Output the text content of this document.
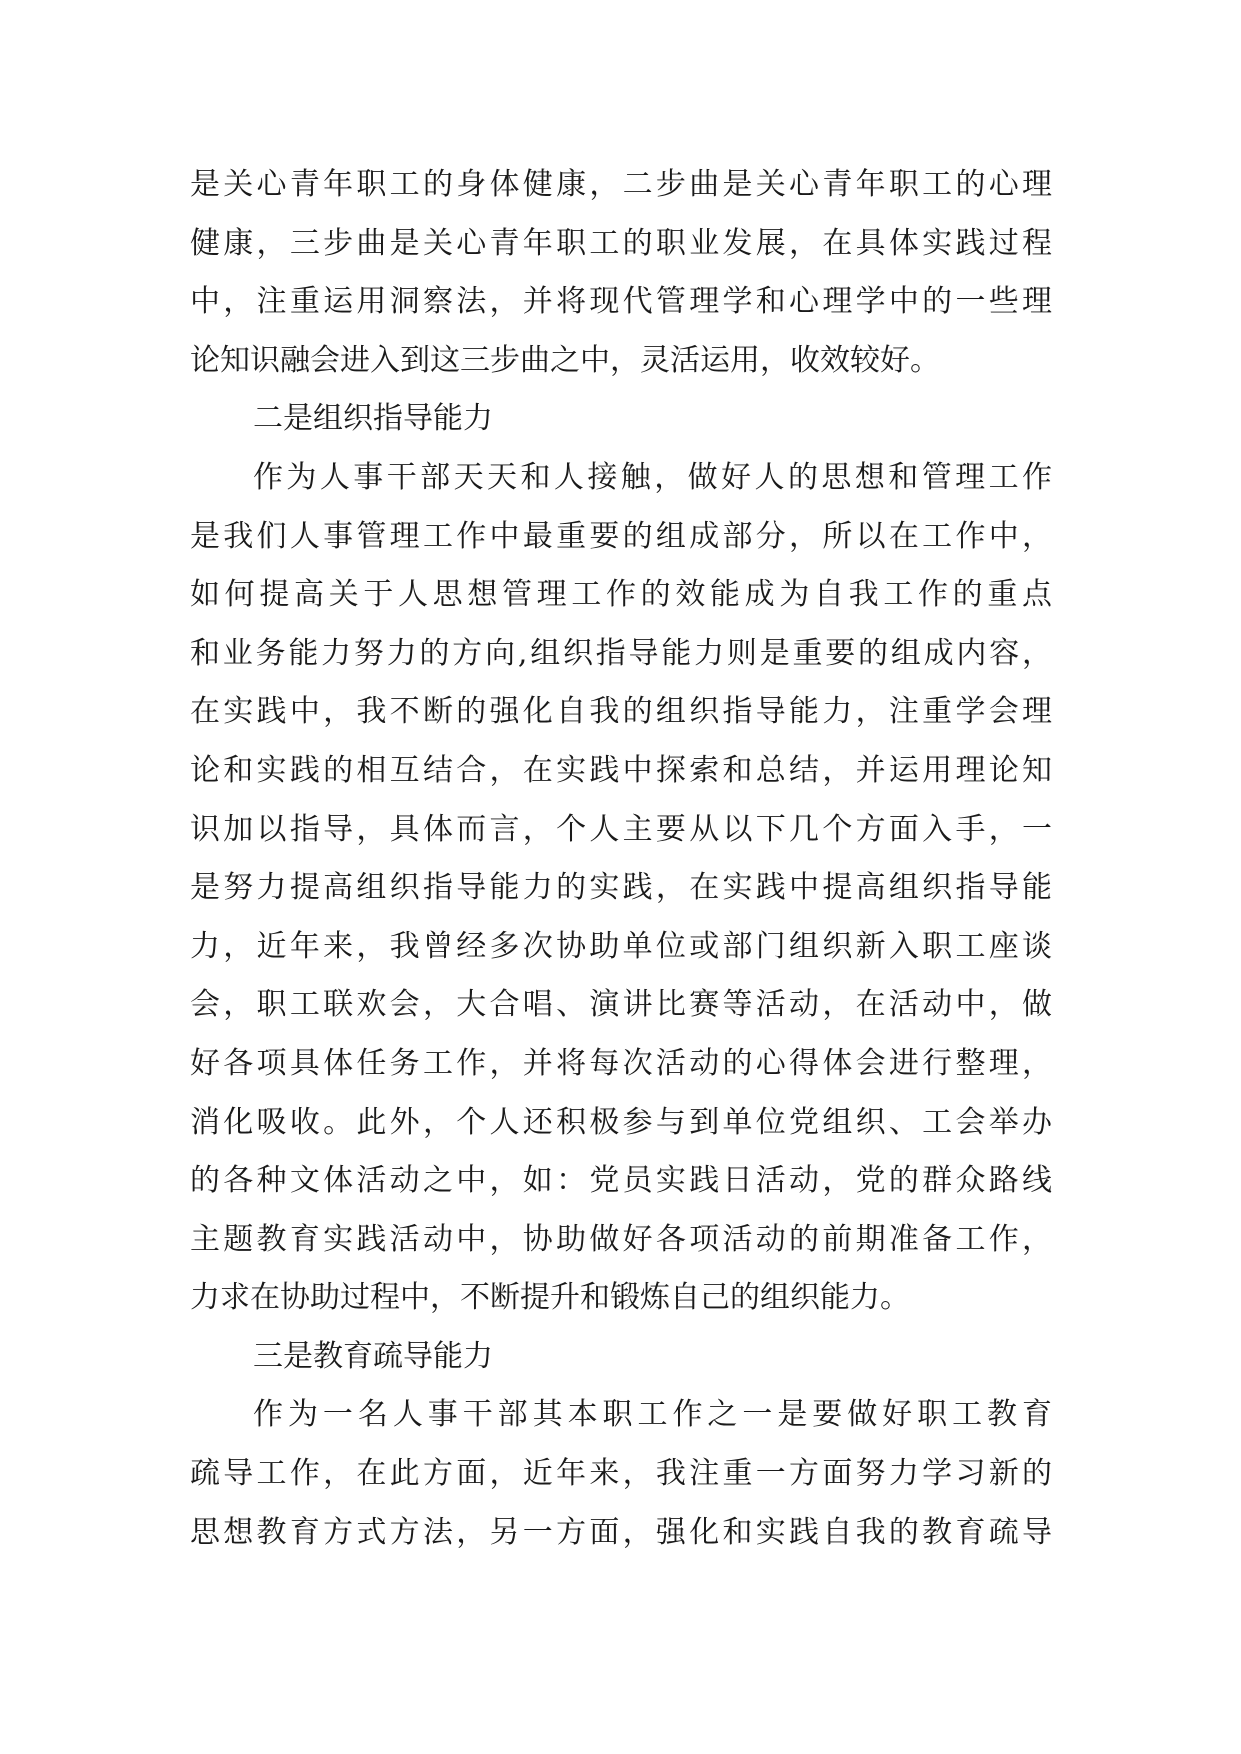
是关心青年职工的身体健康，二步曲是关心青年职工的心理
健康，三步曲是关心青年职工的职业发展，在具体实践过程
中，注重运用洞察法，并将现代管理学和心理学中的一些理
论知识融会进入到这三步曲之中，灵活运用，收效较好。
二是组织指导能力
作为人事干部天天和人接触，做好人的思想和管理工作
是我们人事管理工作中最重要的组成部分，所以在工作中，
如何提高关于人思想管理工作的效能成为自我工作的重点
和业务能力努力的方向,组织指导能力则是重要的组成内容，
在实践中，我不断的强化自我的组织指导能力，注重学会理
论和实践的相互结合，在实践中探索和总结，并运用理论知
识加以指导，具体而言，个人主要从以下几个方面入手，一
是努力提高组织指导能力的实践，在实践中提高组织指导能
力，近年来，我曾经多次协助单位或部门组织新入职工座谈
会，职工联欢会，大合唱、演讲比赛等活动，在活动中，做
好各项具体任务工作，并将每次活动的心得体会进行整理，
消化吸收。此外，个人还积极参与到单位党组织、工会举办
的各种文体活动之中，如：党员实践日活动，党的群众路线
主题教育实践活动中，协助做好各项活动的前期准备工作，
力求在协助过程中，不断提升和锻炼自己的组织能力。
三是教育疏导能力
作为一名人事干部其本职工作之一是要做好职工教育
疏导工作，在此方面，近年来，我注重一方面努力学习新的
思想教育方式方法，另一方面，强化和实践自我的教育疏导
